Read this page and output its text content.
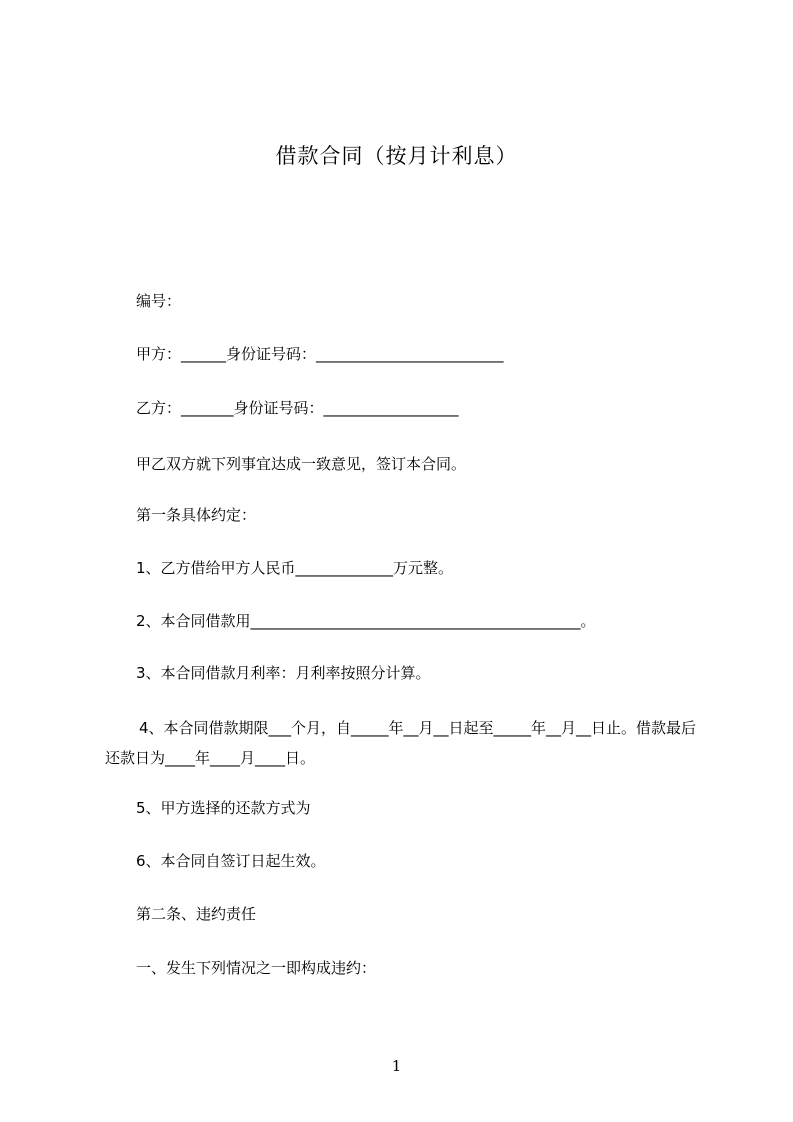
借款合同（按月计利息）
编号：
甲方：______身份证号码：_________________________
乙方：_______身份证号码：__________________
甲乙双方就下列事宜达成一致意见，签订本合同。
第一条具体约定：
1、乙方借给甲方人民币_____________万元整。
2、本合同借款用____________________________________________。
3、本合同借款月利率：月利率按照分计算。
4、本合同借款期限___个月，自_____年__月__日起至_____年__月__日止。借款最后还款日为____年____月____日。
5、甲方选择的还款方式为
6、本合同自签订日起生效。
第二条、违约责任
一、发生下列情况之一即构成违约：
1
